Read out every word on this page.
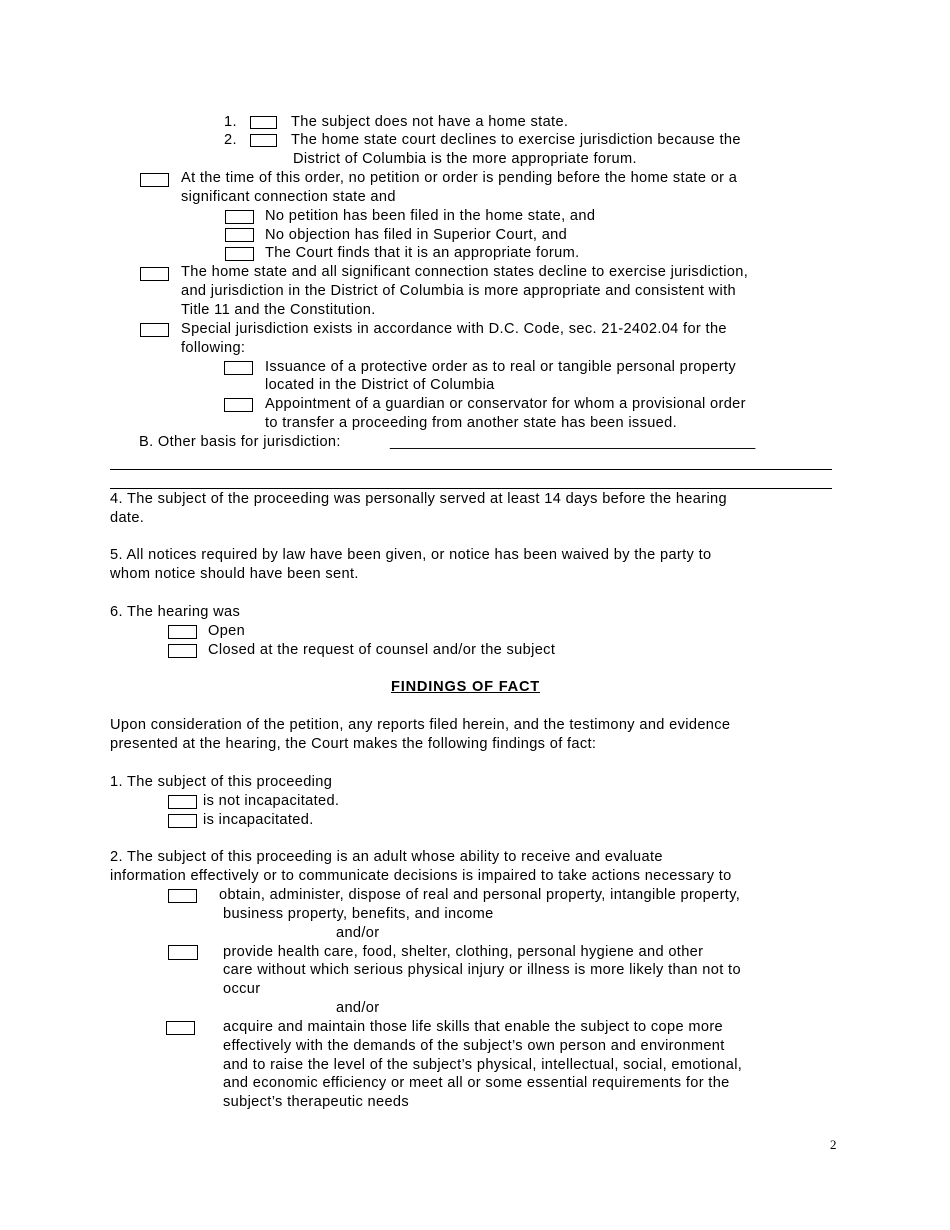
1.	The subject does not have a home state.
2.	The home state court declines to exercise jurisdiction because the
District of Columbia is the more appropriate forum.
At the time of this order, no petition or order is pending before the home state or a
significant connection state and
No petition has been filed in the home state, and
No objection has filed in Superior Court, and
The Court finds that it is an appropriate forum.
The home state and all significant connection states decline to exercise jurisdiction,
and jurisdiction in the District of Columbia is more appropriate and consistent with
Title 11 and the Constitution.
Special jurisdiction exists in accordance with D.C. Code, sec. 21-2402.04 for the
following:
Issuance of a protective order as to real or tangible personal property
located in the District of Columbia
Appointment of a guardian or conservator for whom a provisional order
to transfer a proceeding from another state has been issued.
B. Other basis for jurisdiction:	_____________________________________________
4. The subject of the proceeding was personally served at least 14 days before the hearing
date.
5. All notices required by law have been given, or notice has been waived by the party to
whom notice should have been sent.
6. The hearing was
Open
Closed at the request of counsel and/or the subject
FINDINGS OF FACT
Upon consideration of the petition, any reports filed herein, and the testimony and evidence
presented at the hearing, the Court makes the following findings of fact:
1. The subject of this proceeding
is not incapacitated.
is incapacitated.
2. The subject of this proceeding is an adult whose ability to receive and evaluate
information effectively or to communicate decisions is impaired to take actions necessary to
obtain, administer, dispose of real and personal property, intangible property,
business property, benefits, and income
and/or
provide health care, food, shelter, clothing, personal hygiene and other
care without which serious physical injury or illness is more likely than not to
occur
and/or
acquire and maintain those life skills that enable the subject to cope more
effectively with the demands of the subject’s own person and environment
and to raise the level of the subject’s physical, intellectual, social, emotional,
and economic efficiency or meet all or some essential requirements for the
subject’s therapeutic needs
2
